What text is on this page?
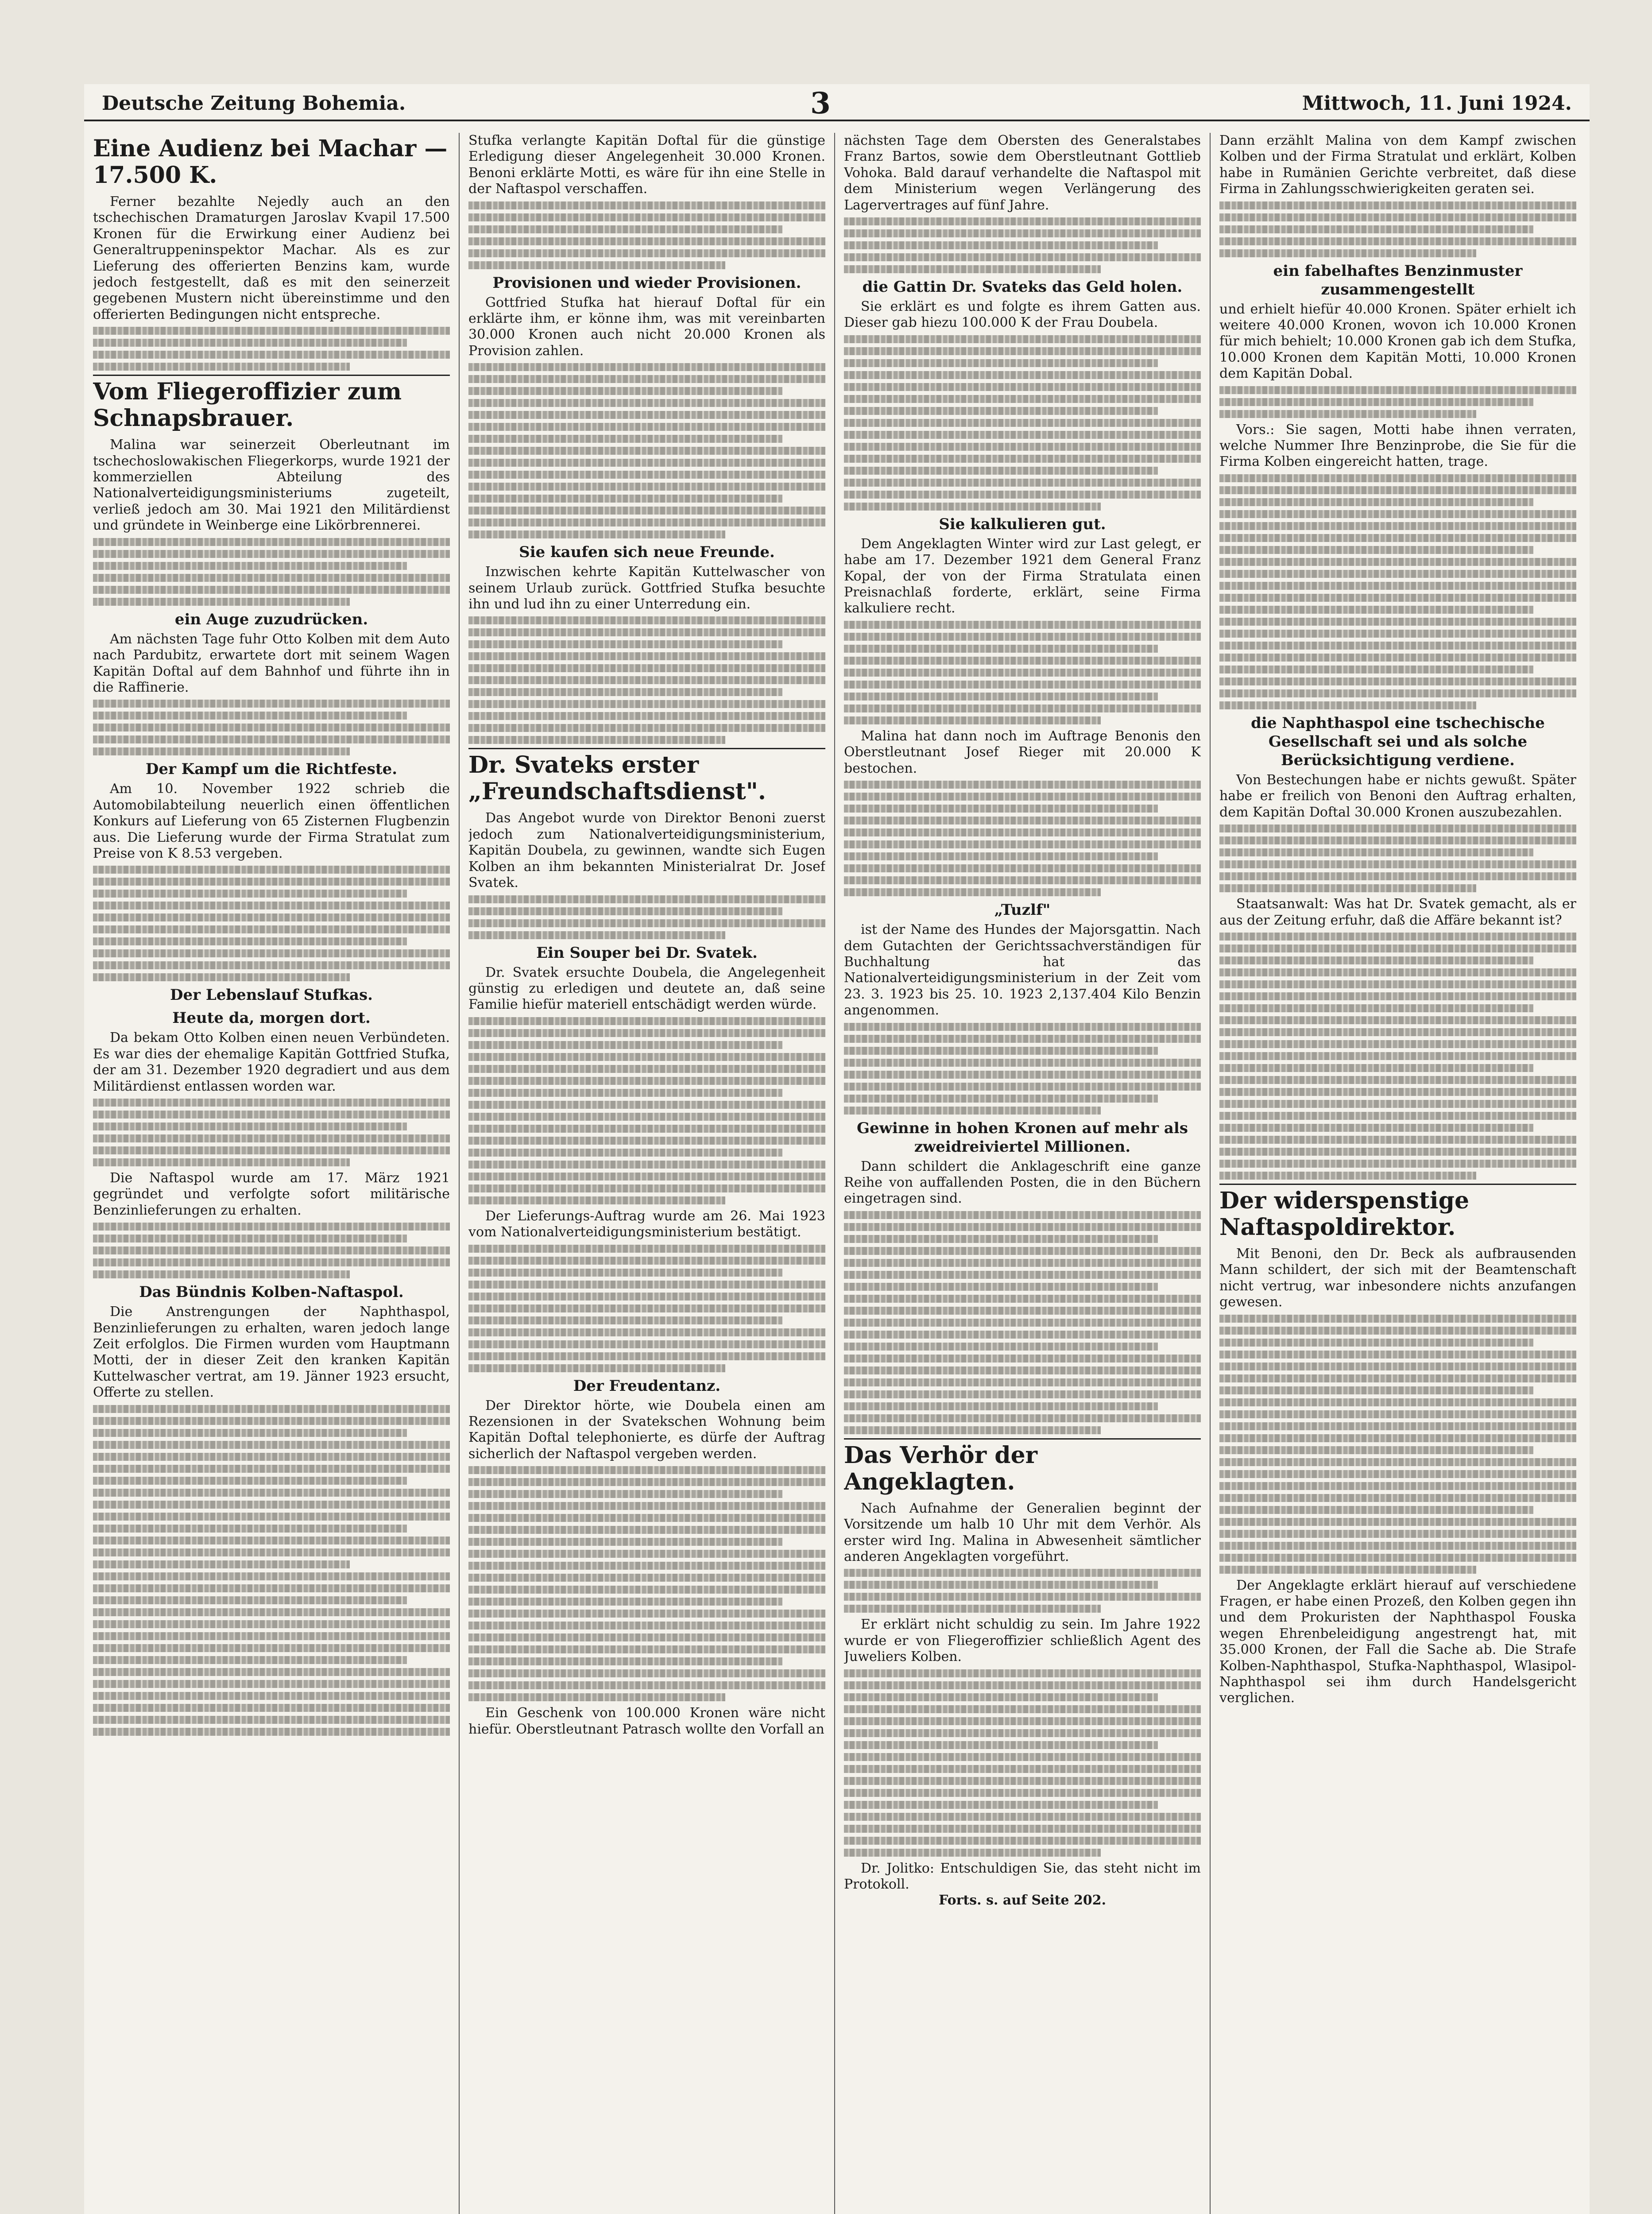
Deutsche Zeitung Bohemia.	3	Mittwoch, 11. Juni 1924.
Eine Audienz bei Machar — 17.500 K.

Ferner bezahlte Nejedly auch an den tschechischen Dramaturgen Jaroslav Kvapil 17.500 Kronen für die Erwirkung einer Audienz bei Generaltruppeninspektor Machar. Als es zur Lieferung des offerierten Benzins kam, wurde jedoch festgestellt, daß es mit den seinerzeit gegebenen Mustern nicht übereinstimme und den offerierten Bedingungen nicht entspreche.

Vom Fliegeroffizier zum Schnapsbrauer.

Malina war seinerzeit Oberleutnant im tschechoslowakischen Fliegerkorps, wurde 1921 der kommerziellen Abteilung des Nationalverteidigungsministeriums zugeteilt, verließ jedoch am 30. Mai 1921 den Militärdienst und gründete in Weinberge eine Likörbrennerei.

ein Auge zuzudrücken.

Am nächsten Tage fuhr Otto Kolben mit dem Auto nach Pardubitz, erwartete dort mit seinem Wagen Kapitän Doftal auf dem Bahnhof und führte ihn in die Raffinerie.

Der Kampf um die Richtfeste.

Am 10. November 1922 schrieb die Automobilabteilung neuerlich einen öffentlichen Konkurs auf Lieferung von 65 Zisternen Flugbenzin aus. Die Lieferung wurde der Firma Stratulat zum Preise von K 8.53 vergeben.

Der Lebenslauf Stufkas.
Heute da, morgen dort.

Da bekam Otto Kolben einen neuen Verbündeten. Es war dies der ehemalige Kapitän Gottfried Stufka, der am 31. Dezember 1920 degradiert und aus dem Militärdienst entlassen worden war.

Die Naftaspol wurde am 17. März 1921 gegründet und verfolgte sofort militärische Benzinlieferungen zu erhalten.

Das Bündnis Kolben-Naftaspol.

Die Anstrengungen der Naphthaspol, Benzinlieferungen zu erhalten, waren jedoch lange Zeit erfolglos. Die Firmen wurden vom Hauptmann Motti, der in dieser Zeit den kranken Kapitän Kuttelwascher vertrat, am 19. Jänner 1923 ersucht, Offerte zu stellen.

Stufka verlangte Kapitän Doftal für die günstige Erledigung dieser Angelegenheit 30.000 Kronen. Benoni erklärte Motti, es wäre für ihn eine Stelle in der Naftaspol verschaffen.

Provisionen und wieder Provisionen.

Gottfried Stufka hat hierauf Doftal für ein erklärte ihm, er könne ihm, was mit vereinbarten 30.000 Kronen auch nicht 20.000 Kronen als Provision zahlen.

Sie kaufen sich neue Freunde.

Inzwischen kehrte Kapitän Kuttelwascher von seinem Urlaub zurück. Gottfried Stufka besuchte ihn und lud ihn zu einer Unterredung ein.

Dr. Svateks erster „Freundschaftsdienst".

Das Angebot wurde von Direktor Benoni zuerst jedoch zum Nationalverteidigungsministerium, Kapitän Doubela, zu gewinnen, wandte sich Eugen Kolben an ihm bekannten Ministerialrat Dr. Josef Svatek.

Ein Souper bei Dr. Svatek.

Dr. Svatek ersuchte Doubela, die Angelegenheit günstig zu erledigen und deutete an, daß seine Familie hiefür materiell entschädigt werden würde.

Der Lieferungs-Auftrag wurde am 26. Mai 1923 vom Nationalverteidigungsministerium bestätigt.

Der Freudentanz.

Der Direktor hörte, wie Doubela einen am Rezensionen in der Svatekschen Wohnung beim Kapitän Doftal telephonierte, es dürfe der Auftrag sicherlich der Naftaspol vergeben werden.

Ein Geschenk von 100.000 Kronen wäre nicht hiefür. Oberstleutnant Patrasch wollte den Vorfall an

nächsten Tage dem Obersten des Generalstabes Franz Bartos, sowie dem Oberstleutnant Gottlieb Vohoka. Bald darauf verhandelte die Naftaspol mit dem Ministerium wegen Verlängerung des Lagervertrages auf fünf Jahre.

die Gattin Dr. Svateks das Geld holen.

Sie erklärt es und folgte es ihrem Gatten aus. Dieser gab hiezu 100.000 K der Frau Doubela.

Sie kalkulieren gut.

Dem Angeklagten Winter wird zur Last gelegt, er habe am 17. Dezember 1921 dem General Franz Kopal, der von der Firma Stratulata einen Preisnachlaß forderte, erklärt, seine Firma kalkuliere recht.

Malina hat dann noch im Auftrage Benonis den Oberstleutnant Josef Rieger mit 20.000 K bestochen.

„Tuzlf"

ist der Name des Hundes der Majorsgattin. Nach dem Gutachten der Gerichtssachverständigen für Buchhaltung hat das Nationalverteidigungsministerium in der Zeit vom 23. 3. 1923 bis 25. 10. 1923 2,137.404 Kilo Benzin angenommen.

Gewinne in hohen Kronen auf mehr als zweidreiviertel Millionen.

Dann schildert die Anklageschrift eine ganze Reihe von auffallenden Posten, die in den Büchern eingetragen sind.

Das Verhör der Angeklagten.

Nach Aufnahme der Generalien beginnt der Vorsitzende um halb 10 Uhr mit dem Verhör. Als erster wird Ing. Malina in Abwesenheit sämtlicher anderen Angeklagten vorgeführt.

Er erklärt nicht schuldig zu sein. Im Jahre 1922 wurde er von Fliegeroffizier schließlich Agent des Juweliers Kolben.

Dr. Jolitko: Entschuldigen Sie, das steht nicht im Protokoll.

Forts. s. auf Seite 202.

Dann erzählt Malina von dem Kampf zwischen Kolben und der Firma Stratulat und erklärt, Kolben habe in Rumänien Gerichte verbreitet, daß diese Firma in Zahlungsschwierigkeiten geraten sei.

ein fabelhaftes Benzinmuster zusammengestellt

und erhielt hiefür 40.000 Kronen. Später erhielt ich weitere 40.000 Kronen, wovon ich 10.000 Kronen für mich behielt; 10.000 Kronen gab ich dem Stufka, 10.000 Kronen dem Kapitän Motti, 10.000 Kronen dem Kapitän Dobal.

Vors.: Sie sagen, Motti habe ihnen verraten, welche Nummer Ihre Benzinprobe, die Sie für die Firma Kolben eingereicht hatten, trage.

die Naphthaspol eine tschechische Gesellschaft sei und als solche Berücksichtigung verdiene.

Von Bestechungen habe er nichts gewußt. Später habe er freilich von Benoni den Auftrag erhalten, dem Kapitän Doftal 30.000 Kronen auszubezahlen.

Staatsanwalt: Was hat Dr. Svatek gemacht, als er aus der Zeitung erfuhr, daß die Affäre bekannt ist?

Der widerspenstige Naftaspoldirektor.

Mit Benoni, den Dr. Beck als aufbrausenden Mann schildert, der sich mit der Beamtenschaft nicht vertrug, war inbesondere nichts anzufangen gewesen.

Der Angeklagte erklärt hierauf auf verschiedene Fragen, er habe einen Prozeß, den Kolben gegen ihn und dem Prokuristen der Naphthaspol Fouska wegen Ehrenbeleidigung angestrengt hat, mit 35.000 Kronen, der Fall die Sache ab. Die Strafe Kolben-Naphthaspol, Stufka-Naphthaspol, Wlasipol-Naphthaspol sei ihm durch Handelsgericht verglichen.
